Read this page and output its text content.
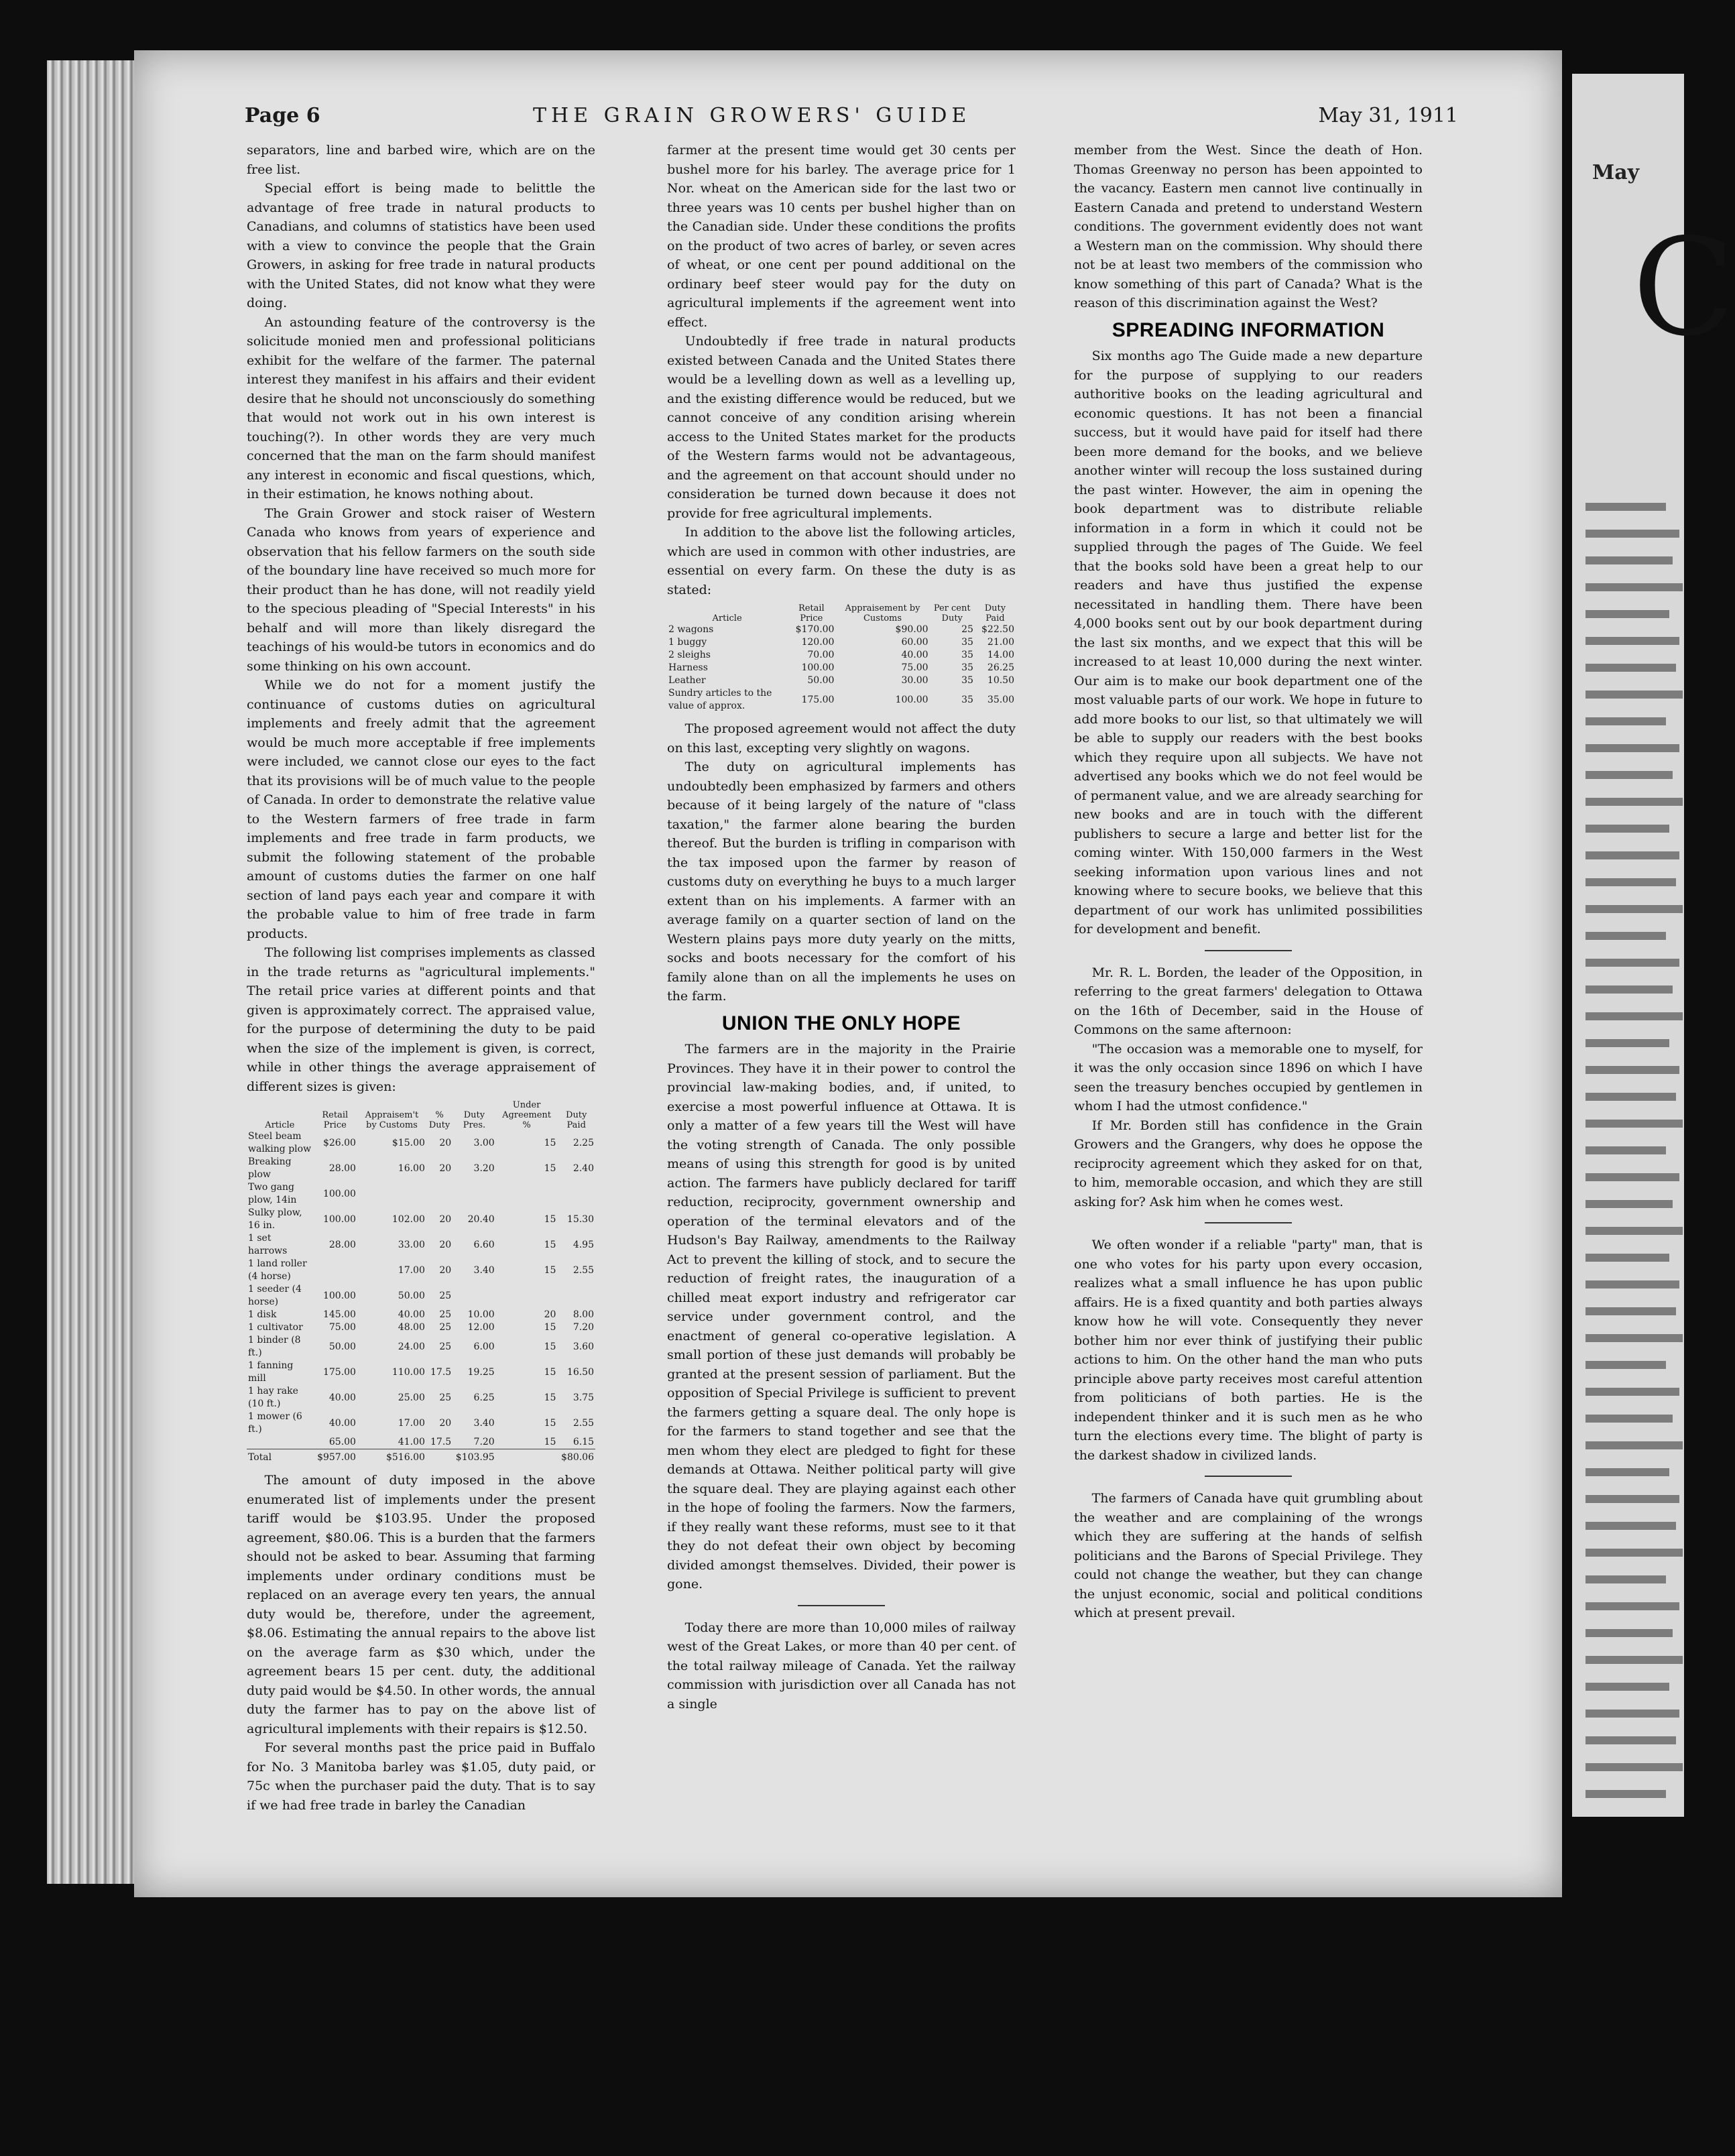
May
C
Page 6	THE GRAIN GROWERS' GUIDE	May 31, 1911

separators, line and barbed wire, which are on the free list.

Special effort is being made to belittle the advantage of free trade in natural products to Canadians, and columns of statistics have been used with a view to convince the people that the Grain Growers, in asking for free trade in natural products with the United States, did not know what they were doing.

An astounding feature of the controversy is the solicitude monied men and professional politicians exhibit for the welfare of the farmer. The paternal interest they manifest in his affairs and their evident desire that he should not unconsciously do something that would not work out in his own interest is touching(?). In other words they are very much concerned that the man on the farm should manifest any interest in economic and fiscal questions, which, in their estimation, he knows nothing about.

The Grain Grower and stock raiser of Western Canada who knows from years of experience and observation that his fellow farmers on the south side of the boundary line have received so much more for their product than he has done, will not readily yield to the specious pleading of "Special Interests" in his behalf and will more than likely disregard the teachings of his would-be tutors in economics and do some thinking on his own account.

While we do not for a moment justify the continuance of customs duties on agricultural implements and freely admit that the agreement would be much more acceptable if free implements were included, we cannot close our eyes to the fact that its provisions will be of much value to the people of Canada. In order to demonstrate the relative value to the Western farmers of free trade in farm implements and free trade in farm products, we submit the following statement of the probable amount of customs duties the farmer on one half section of land pays each year and compare it with the probable value to him of free trade in farm products.

The following list comprises implements as classed in the trade returns as "agricultural implements." The retail price varies at different points and that given is approximately correct. The appraised value, for the purpose of determining the duty to be paid when the size of the implement is given, is correct, while in other things the average appraisement of different sizes is given:

Article	Retail Price	Appraisem't by Customs	% Duty	Duty Pres.	Under Agreement %	Duty Paid
Steel beam walking plow	$26.00	$15.00	20	3.00	15	2.25
Breaking plow	28.00	16.00	20	3.20	15	2.40
Two gang plow, 14in	100.00					
Sulky plow, 16 in.	100.00	102.00	20	20.40	15	15.30
1 set harrows	28.00	33.00	20	6.60	15	4.95
1 land roller (4 horse)		17.00	20	3.40	15	2.55
1 seeder (4 horse)	100.00	50.00	25			
1 disk	145.00	40.00	25	10.00	20	8.00
1 cultivator	75.00	48.00	25	12.00	15	7.20
1 binder (8 ft.)	50.00	24.00	25	6.00	15	3.60
1 fanning mill	175.00	110.00	17.5	19.25	15	16.50
1 hay rake (10 ft.)	40.00	25.00	25	6.25	15	3.75
1 mower (6 ft.)	40.00	17.00	20	3.40	15	2.55
	65.00	41.00	17.5	7.20	15	6.15
Total	$957.00	$516.00		$103.95		$80.06

The amount of duty imposed in the above enumerated list of implements under the present tariff would be $103.95. Under the proposed agreement, $80.06. This is a burden that the farmers should not be asked to bear. Assuming that farming implements under ordinary conditions must be replaced on an average every ten years, the annual duty would be, therefore, under the agreement, $8.06. Estimating the annual repairs to the above list on the average farm as $30 which, under the agreement bears 15 per cent. duty, the additional duty paid would be $4.50. In other words, the annual duty the farmer has to pay on the above list of agricultural implements with their repairs is $12.50.

For several months past the price paid in Buffalo for No. 3 Manitoba barley was $1.05, duty paid, or 75c when the purchaser paid the duty. That is to say if we had free trade in barley the Canadian

farmer at the present time would get 30 cents per bushel more for his barley. The average price for 1 Nor. wheat on the American side for the last two or three years was 10 cents per bushel higher than on the Canadian side. Under these conditions the profits on the product of two acres of barley, or seven acres of wheat, or one cent per pound additional on the ordinary beef steer would pay for the duty on agricultural implements if the agreement went into effect.

Undoubtedly if free trade in natural products existed between Canada and the United States there would be a levelling down as well as a levelling up, and the existing difference would be reduced, but we cannot conceive of any condition arising wherein access to the United States market for the products of the Western farms would not be advantageous, and the agreement on that account should under no consideration be turned down because it does not provide for free agricultural implements.

In addition to the above list the following articles, which are used in common with other industries, are essential on every farm. On these the duty is as stated:

Article	Retail Price	Appraisement by Customs	Per cent Duty	Duty Paid
2 wagons	$170.00	$90.00	25	$22.50
1 buggy	120.00	60.00	35	21.00
2 sleighs	70.00	40.00	35	14.00
Harness	100.00	75.00	35	26.25
Leather	50.00	30.00	35	10.50
Sundry articles to the value of approx.	175.00	100.00	35	35.00

The proposed agreement would not affect the duty on this last, excepting very slightly on wagons.

The duty on agricultural implements has undoubtedly been emphasized by farmers and others because of it being largely of the nature of "class taxation," the farmer alone bearing the burden thereof. But the burden is trifling in comparison with the tax imposed upon the farmer by reason of customs duty on everything he buys to a much larger extent than on his implements. A farmer with an average family on a quarter section of land on the Western plains pays more duty yearly on the mitts, socks and boots necessary for the comfort of his family alone than on all the implements he uses on the farm.

UNION THE ONLY HOPE

The farmers are in the majority in the Prairie Provinces. They have it in their power to control the provincial law-making bodies, and, if united, to exercise a most powerful influence at Ottawa. It is only a matter of a few years till the West will have the voting strength of Canada. The only possible means of using this strength for good is by united action. The farmers have publicly declared for tariff reduction, reciprocity, government ownership and operation of the terminal elevators and of the Hudson's Bay Railway, amendments to the Railway Act to prevent the killing of stock, and to secure the reduction of freight rates, the inauguration of a chilled meat export industry and refrigerator car service under government control, and the enactment of general co-operative legislation. A small portion of these just demands will probably be granted at the present session of parliament. But the opposition of Special Privilege is sufficient to prevent the farmers getting a square deal. The only hope is for the farmers to stand together and see that the men whom they elect are pledged to fight for these demands at Ottawa. Neither political party will give the square deal. They are playing against each other in the hope of fooling the farmers. Now the farmers, if they really want these reforms, must see to it that they do not defeat their own object by becoming divided amongst themselves. Divided, their power is gone.

Today there are more than 10,000 miles of railway west of the Great Lakes, or more than 40 per cent. of the total railway mileage of Canada. Yet the railway commission with jurisdiction over all Canada has not a single

member from the West. Since the death of Hon. Thomas Greenway no person has been appointed to the vacancy. Eastern men cannot live continually in Eastern Canada and pretend to understand Western conditions. The government evidently does not want a Western man on the commission. Why should there not be at least two members of the commission who know something of this part of Canada? What is the reason of this discrimination against the West?

SPREADING INFORMATION

Six months ago The Guide made a new departure for the purpose of supplying to our readers authoritive books on the leading agricultural and economic questions. It has not been a financial success, but it would have paid for itself had there been more demand for the books, and we believe another winter will recoup the loss sustained during the past winter. However, the aim in opening the book department was to distribute reliable information in a form in which it could not be supplied through the pages of The Guide. We feel that the books sold have been a great help to our readers and have thus justified the expense necessitated in handling them. There have been 4,000 books sent out by our book department during the last six months, and we expect that this will be increased to at least 10,000 during the next winter. Our aim is to make our book department one of the most valuable parts of our work. We hope in future to add more books to our list, so that ultimately we will be able to supply our readers with the best books which they require upon all subjects. We have not advertised any books which we do not feel would be of permanent value, and we are already searching for new books and are in touch with the different publishers to secure a large and better list for the coming winter. With 150,000 farmers in the West seeking information upon various lines and not knowing where to secure books, we believe that this department of our work has unlimited possibilities for development and benefit.

Mr. R. L. Borden, the leader of the Opposition, in referring to the great farmers' delegation to Ottawa on the 16th of December, said in the House of Commons on the same afternoon:

"The occasion was a memorable one to myself, for it was the only occasion since 1896 on which I have seen the treasury benches occupied by gentlemen in whom I had the utmost confidence."

If Mr. Borden still has confidence in the Grain Growers and the Grangers, why does he oppose the reciprocity agreement which they asked for on that, to him, memorable occasion, and which they are still asking for? Ask him when he comes west.

We often wonder if a reliable "party" man, that is one who votes for his party upon every occasion, realizes what a small influence he has upon public affairs. He is a fixed quantity and both parties always know how he will vote. Consequently they never bother him nor ever think of justifying their public actions to him. On the other hand the man who puts principle above party receives most careful attention from politicians of both parties. He is the independent thinker and it is such men as he who turn the elections every time. The blight of party is the darkest shadow in civilized lands.

The farmers of Canada have quit grumbling about the weather and are complaining of the wrongs which they are suffering at the hands of selfish politicians and the Barons of Special Privilege. They could not change the weather, but they can change the unjust economic, social and political conditions which at present prevail.
